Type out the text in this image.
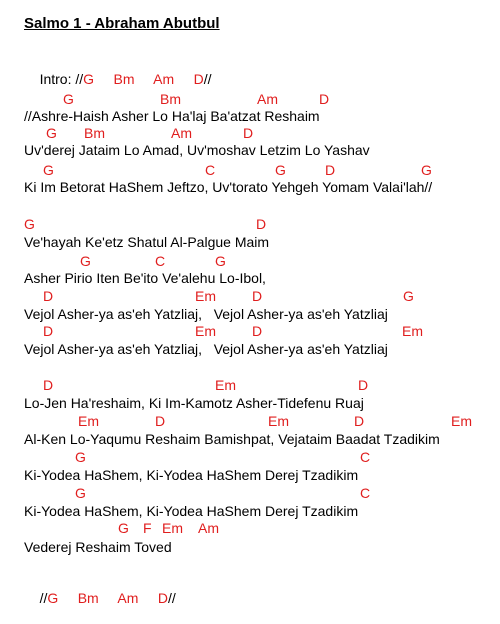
Salmo 1 - Abraham Abutbul

Intro: //G Bm Am D//

G	Bm	Am	D
//Ashre-Haish Asher Lo Ha'laj Ba'atzat Reshaim
G Bm	Am	D
Uv'derej Jataim Lo Amad, Uv'moshav Letzim Lo Yashav
G	C	G	D	G
Ki Im Betorat HaShem Jeftzo, Uv'torato Yehgeh Yomam Valai'lah//
G	D
Ve'hayah Ke'etz Shatul Al-Palgue Maim
G	C	G
Asher Pirio Iten Be'ito Ve'alehu Lo-Ibol,
D	Em	D	G
Vejol Asher-ya as'eh Yatzliaj,   Vejol Asher-ya as'eh Yatzliaj
D	Em	D	Em
Vejol Asher-ya as'eh Yatzliaj,   Vejol Asher-ya as'eh Yatzliaj
D	Em	D
Lo-Jen Ha'reshaim, Ki Im-Kamotz Asher-Tidefenu Ruaj
Em	D	Em	D	Em
Al-Ken Lo-Yaqumu Reshaim Bamishpat, Vejataim Baadat Tzadikim
G	C
Ki-Yodea HaShem, Ki-Yodea HaShem Derej Tzadikim
G	C
Ki-Yodea HaShem, Ki-Yodea HaShem Derej Tzadikim
G F Em Am
Vederej Reshaim Toved

//G Bm Am D//
